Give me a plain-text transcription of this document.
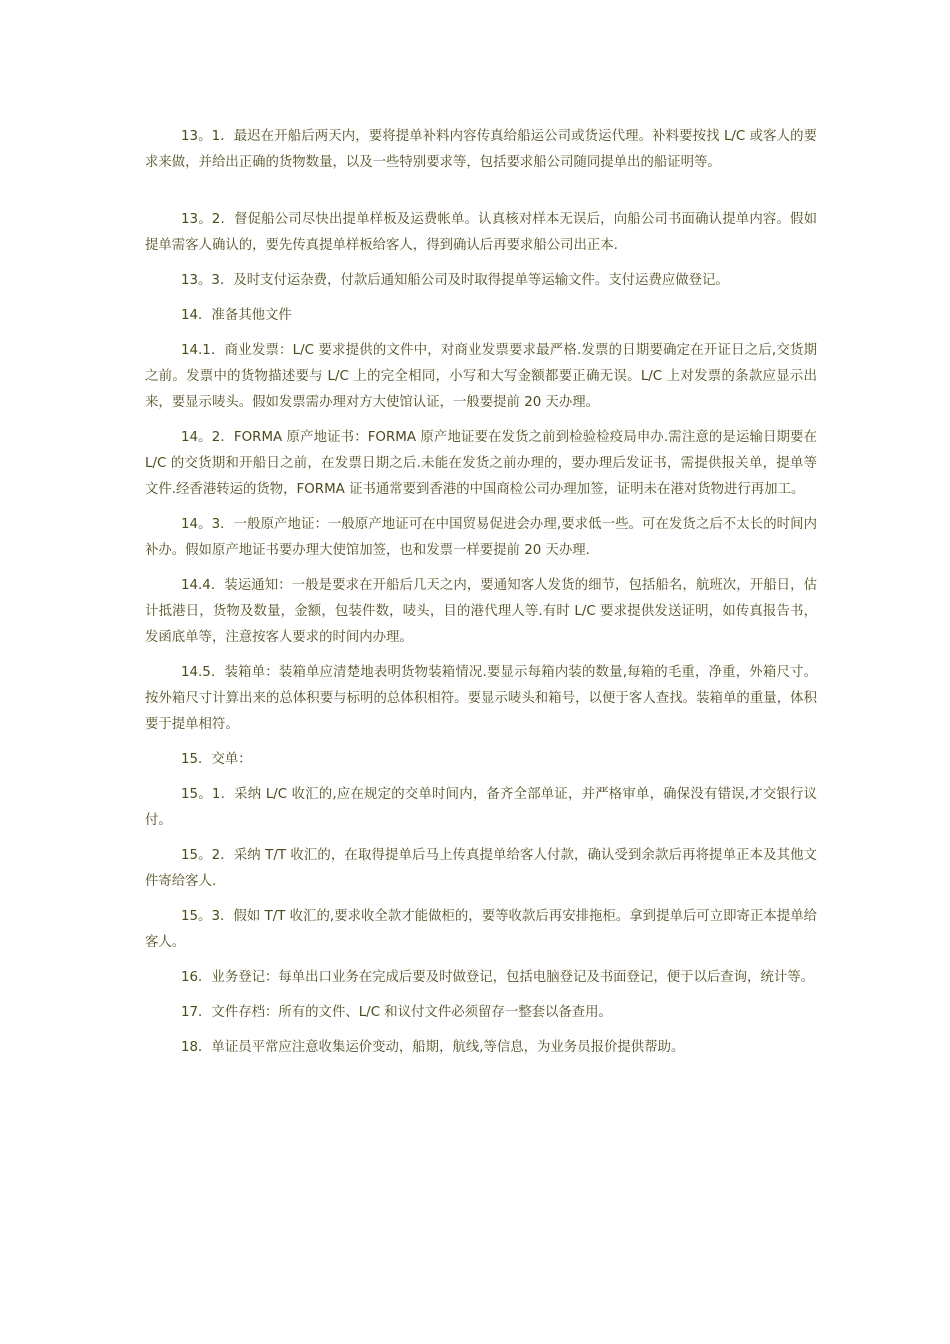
13。1．最迟在开船后两天内，要将提单补料内容传真给船运公司或货运代理。补料要按找 L/C 或客人的要求来做，并给出正确的货物数量，以及一些特别要求等，包括要求船公司随同提单出的船证明等。

13。2．督促船公司尽快出提单样板及运费帐单。认真核对样本无误后，向船公司书面确认提单内容。假如提单需客人确认的，要先传真提单样板给客人，得到确认后再要求船公司出正本.

13。3．及时支付运杂费，付款后通知船公司及时取得提单等运输文件。支付运费应做登记。

14．准备其他文件

14.1．商业发票：L/C 要求提供的文件中，对商业发票要求最严格.发票的日期要确定在开证日之后,交货期之前。发票中的货物描述要与 L/C 上的完全相同，小写和大写金额都要正确无误。L/C 上对发票的条款应显示出来，要显示唛头。假如发票需办理对方大使馆认证，一般要提前 20 天办理。

14。2．FORMA 原产地证书：FORMA 原产地证要在发货之前到检验检疫局申办.需注意的是运输日期要在 L/C 的交货期和开船日之前，在发票日期之后.未能在发货之前办理的，要办理后发证书，需提供报关单，提单等文件.经香港转运的货物，FORMA 证书通常要到香港的中国商检公司办理加签，证明未在港对货物进行再加工。

14。3．一般原产地证：一般原产地证可在中国贸易促进会办理,要求低一些。可在发货之后不太长的时间内补办。假如原产地证书要办理大使馆加签，也和发票一样要提前 20 天办理.

14.4．装运通知：一般是要求在开船后几天之内，要通知客人发货的细节，包括船名，航班次，开船日，估计抵港日，货物及数量，金额，包装件数，唛头，目的港代理人等.有时 L/C 要求提供发送证明，如传真报告书，发函底单等，注意按客人要求的时间内办理。

14.5．装箱单：装箱单应清楚地表明货物装箱情况.要显示每箱内装的数量,每箱的毛重，净重，外箱尺寸。按外箱尺寸计算出来的总体积要与标明的总体积相符。要显示唛头和箱号，以便于客人查找。装箱单的重量，体积要于提单相符。

15．交单：

15。1．采纳 L/C 收汇的,应在规定的交单时间内，备齐全部单证，并严格审单，确保没有错误,才交银行议付。

15。2．采纳 T/T 收汇的，在取得提单后马上传真提单给客人付款，确认受到余款后再将提单正本及其他文件寄给客人.

15。3．假如 T/T 收汇的,要求收全款才能做柜的，要等收款后再安排拖柜。拿到提单后可立即寄正本提单给客人。

16．业务登记：每单出口业务在完成后要及时做登记，包括电脑登记及书面登记，便于以后查询，统计等。

17．文件存档：所有的文件、L/C 和议付文件必须留存一整套以备查用。

18．单证员平常应注意收集运价变动，船期，航线,等信息，为业务员报价提供帮助。
